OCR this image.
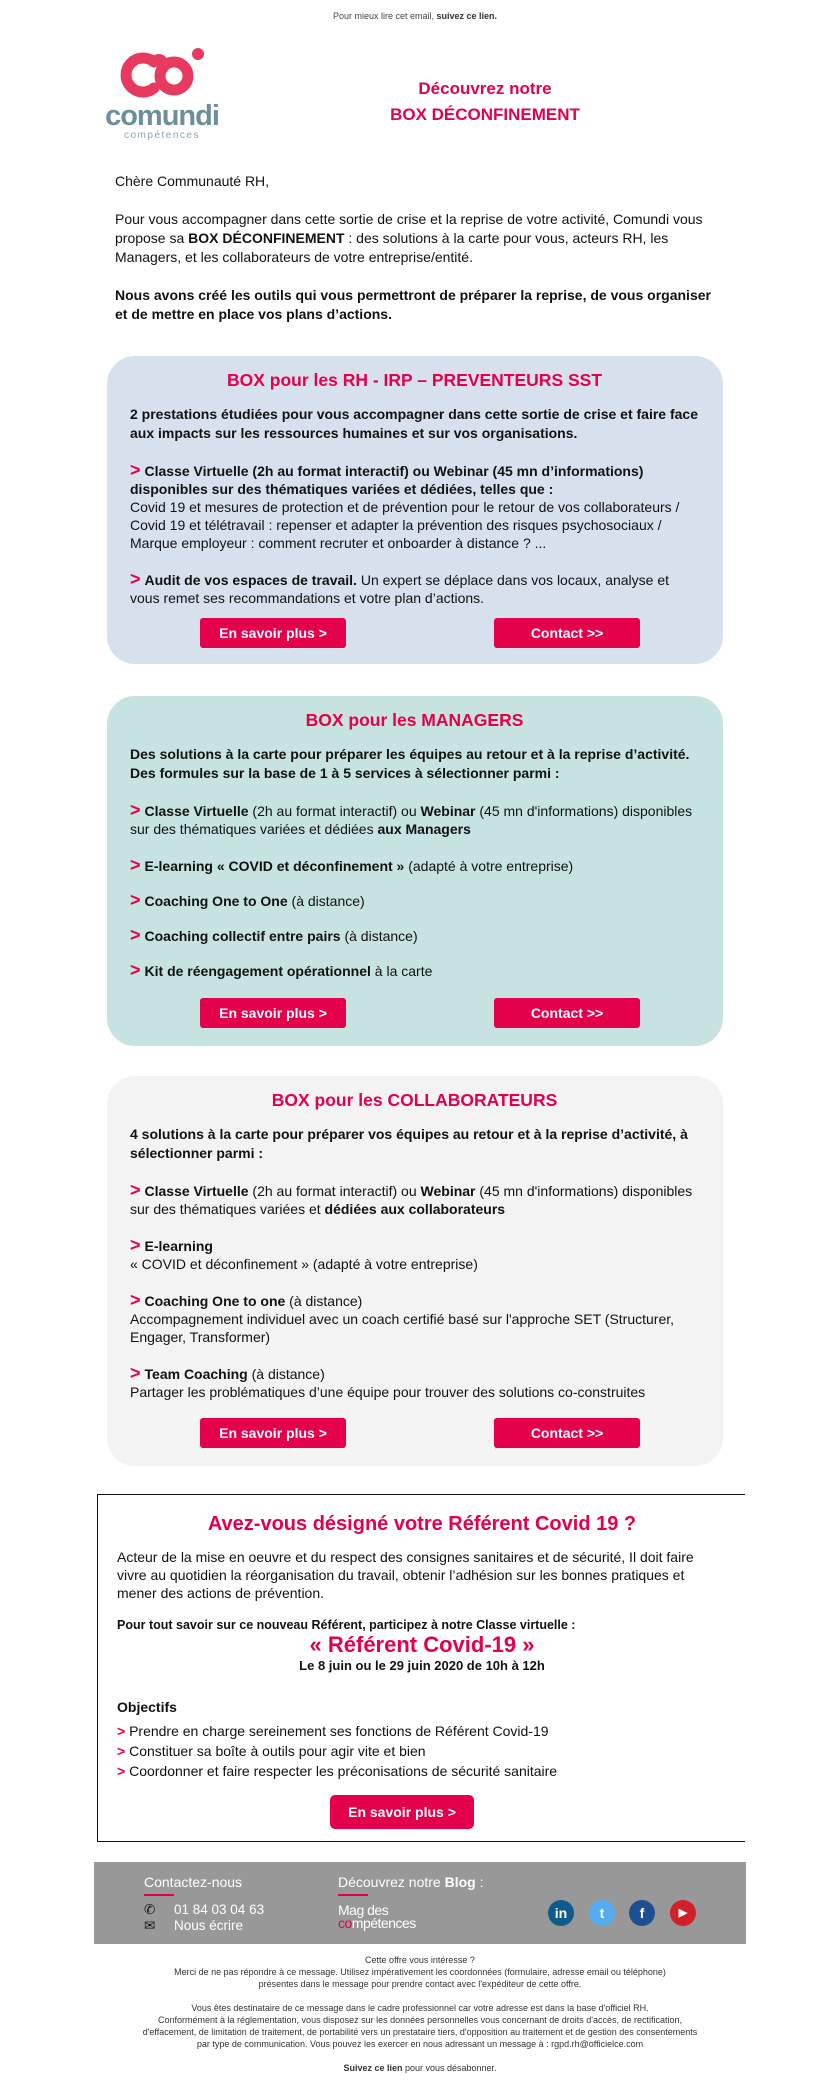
Pour mieux lire cet email, suivez ce lien.
comundi
compétences
Découvrez notre
BOX DÉCONFINEMENT

Chère Communauté RH,

Pour vous accompagner dans cette sortie de crise et la reprise de votre activité, Comundi vous propose sa BOX DÉCONFINEMENT : des solutions à la carte pour vous, acteurs RH, les Managers, et les collaborateurs de votre entreprise/entité.

Nous avons créé les outils qui vous permettront de préparer la reprise, de vous organiser et de mettre en place vos plans d’actions.

BOX pour les RH - IRP – PREVENTEURS SST
2 prestations étudiées pour vous accompagner dans cette sortie de crise et faire face aux impacts sur les ressources humaines et sur vos organisations.
> Classe Virtuelle (2h au format interactif) ou Webinar (45 mn d’informations) disponibles sur des thématiques variées et dédiées, telles que :
Covid 19 et mesures de protection et de prévention pour le retour de vos collaborateurs / Covid 19 et télétravail : repenser et adapter la prévention des risques psychosociaux / Marque employeur : comment recruter et onboarder à distance ? ...
> Audit de vos espaces de travail. Un expert se déplace dans vos locaux, analyse et vous remet ses recommandations et votre plan d’actions.
En savoir plus >	Contact >>
BOX pour les MANAGERS
Des solutions à la carte pour préparer les équipes au retour et à la reprise d’activité. Des formules sur la base de 1 à 5 services à sélectionner parmi :
> Classe Virtuelle (2h au format interactif) ou Webinar (45 mn d'informations) disponibles sur des thématiques variées et dédiées aux Managers
> E-learning « COVID et déconfinement » (adapté à votre entreprise)
> Coaching One to One (à distance)
> Coaching collectif entre pairs (à distance)
> Kit de réengagement opérationnel à la carte
En savoir plus >	Contact >>
BOX pour les COLLABORATEURS
4 solutions à la carte pour préparer vos équipes au retour et à la reprise d’activité, à sélectionner parmi :
> Classe Virtuelle (2h au format interactif) ou Webinar (45 mn d'informations) disponibles sur des thématiques variées et dédiées aux collaborateurs
> E-learning
« COVID et déconfinement » (adapté à votre entreprise)
> Coaching One to one (à distance)
Accompagnement individuel avec un coach certifié basé sur l'approche SET (Structurer, Engager, Transformer)
> Team Coaching (à distance)
Partager les problématiques d’une équipe pour trouver des solutions co-construites
En savoir plus >	Contact >>
Avez-vous désigné votre Référent Covid 19 ?
Acteur de la mise en oeuvre et du respect des consignes sanitaires et de sécurité, Il doit faire vivre au quotidien la réorganisation du travail, obtenir l’adhésion sur les bonnes pratiques et mener des actions de prévention.
Pour tout savoir sur ce nouveau Référent, participez à notre Classe virtuelle :
« Référent Covid-19 »
Le 8 juin ou le 29 juin 2020 de 10h à 12h
Objectifs
> Prendre en charge sereinement ses fonctions de Référent Covid-19
> Constituer sa boîte à outils pour agir vite et bien
> Coordonner et faire respecter les préconisations de sécurité sanitaire
En savoir plus >
Contactez-nous
✆ 01 84 03 04 63
✉ Nous écrire
Découvrez notre Blog :
Mag des
compétences
in	t	f	▶

Cette offre vous intéresse ?
Merci de ne pas répondre à ce message. Utilisez impérativement les coordonnées (formulaire, adresse email ou téléphone)
présentes dans le message pour prendre contact avec l'expéditeur de cette offre.

Vous êtes destinataire de ce message dans le cadre professionnel car votre adresse est dans la base d'officiel RH.
Conformément à la réglementation, vous disposez sur les données personnelles vous concernant de droits d'accès, de rectification,
d'effacement, de limitation de traitement, de portabilité vers un prestataire tiers, d'opposition au traitement et de gestion des consentements
par type de communication. Vous pouvez les exercer en nous adressant un message à : rgpd.rh@officielce.com

Suivez ce lien pour vous désabonner.
